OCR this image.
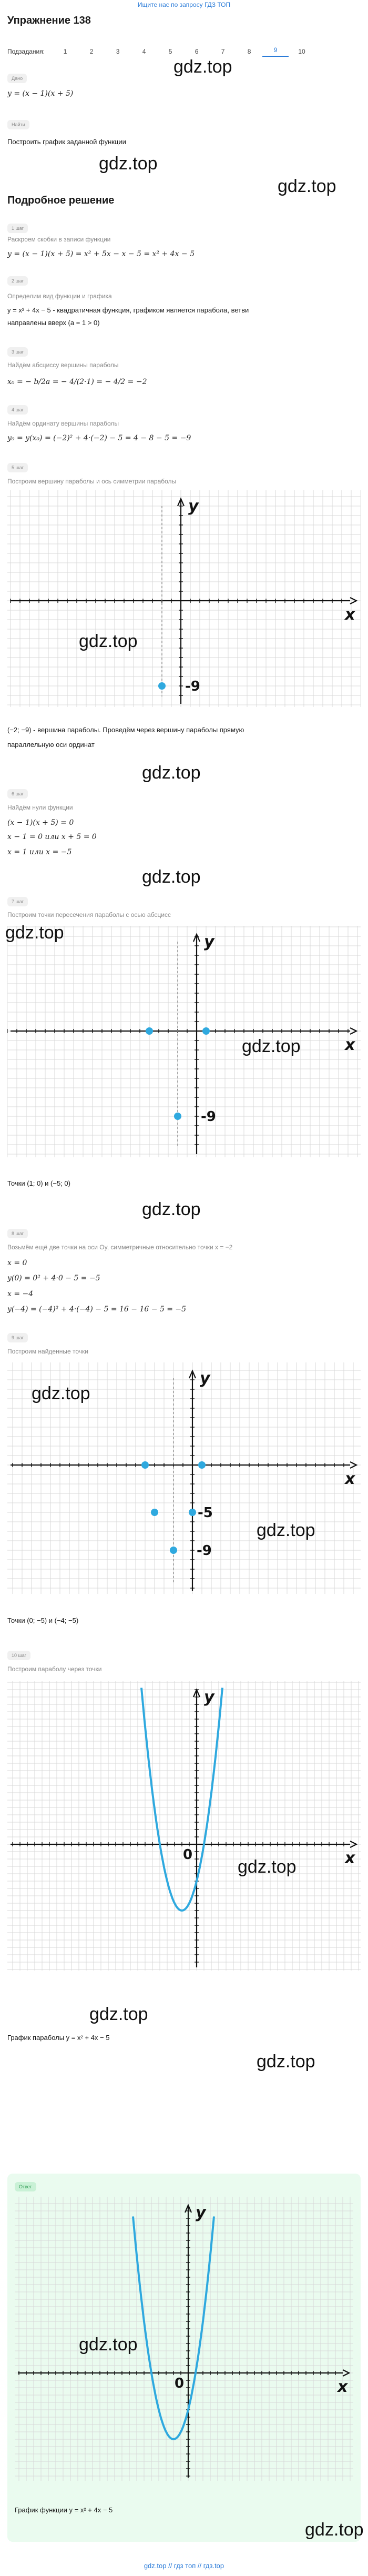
Ищите нас по запросу ГДЗ ТОП
Упражнение 138
Подзадания:	1	2	3	4	5	6	7	8	9	10
Дано
gdz.top
y = (x − 1)(x + 5)
Найти
Построить график заданной функции
gdz.top
Подробное решение
gdz.top
1 шаг
Раскроем скобки в записи функции
y = (x − 1)(x + 5) = x² + 5x − x − 5 = x² + 4x − 5
2 шаг
Определим вид функции и графика
y = x² + 4x − 5 - квадратичная функция, графиком является парабола, ветви
направлены вверх (a = 1 > 0)
3 шаг
Найдём абсциссу вершины параболы
x₀ = − b/2a = − 4/(2·1) = − 4/2 = −2
4 шаг
Найдём ординату вершины параболы
y₀ = y(x₀) = (−2)² + 4·(−2) − 5 = 4 − 8 − 5 = −9
5 шаг
Построим вершину параболы и ось симметрии параболы
x
y
-9
gdz.top
(−2; −9) - вершина параболы. Проведём через вершину параболы прямую
параллельную оси ординат
gdz.top
6 шаг
Найдём нули функции
(x − 1)(x + 5) = 0
x − 1 = 0 или x + 5 = 0
x = 1 или x = −5
gdz.top
7 шаг
Построим точки пересечения параболы с осью абсцисс
x
y
-9
gdz.top
gdz.top
Точки (1; 0) и (−5; 0)
gdz.top
8 шаг
Возьмём ещё две точки на оси Oy, симметричные относительно точки x = −2
x = 0
y(0) = 0² + 4·0 − 5 = −5
x = −4
y(−4) = (−4)² + 4·(−4) − 5 = 16 − 16 − 5 = −5
9 шаг
Построим найденные точки
x
y
-9
-5
gdz.top
gdz.top
Точки (0; −5) и (−4; −5)
10 шаг
Построим параболу через точки
x
y
0
gdz.top
gdz.top
График параболы y = x² + 4x − 5
gdz.top
Ответ
x
y
0
gdz.top
График функции y = x² + 4x − 5
gdz.top
gdz.top // гдз топ // гдз.top
